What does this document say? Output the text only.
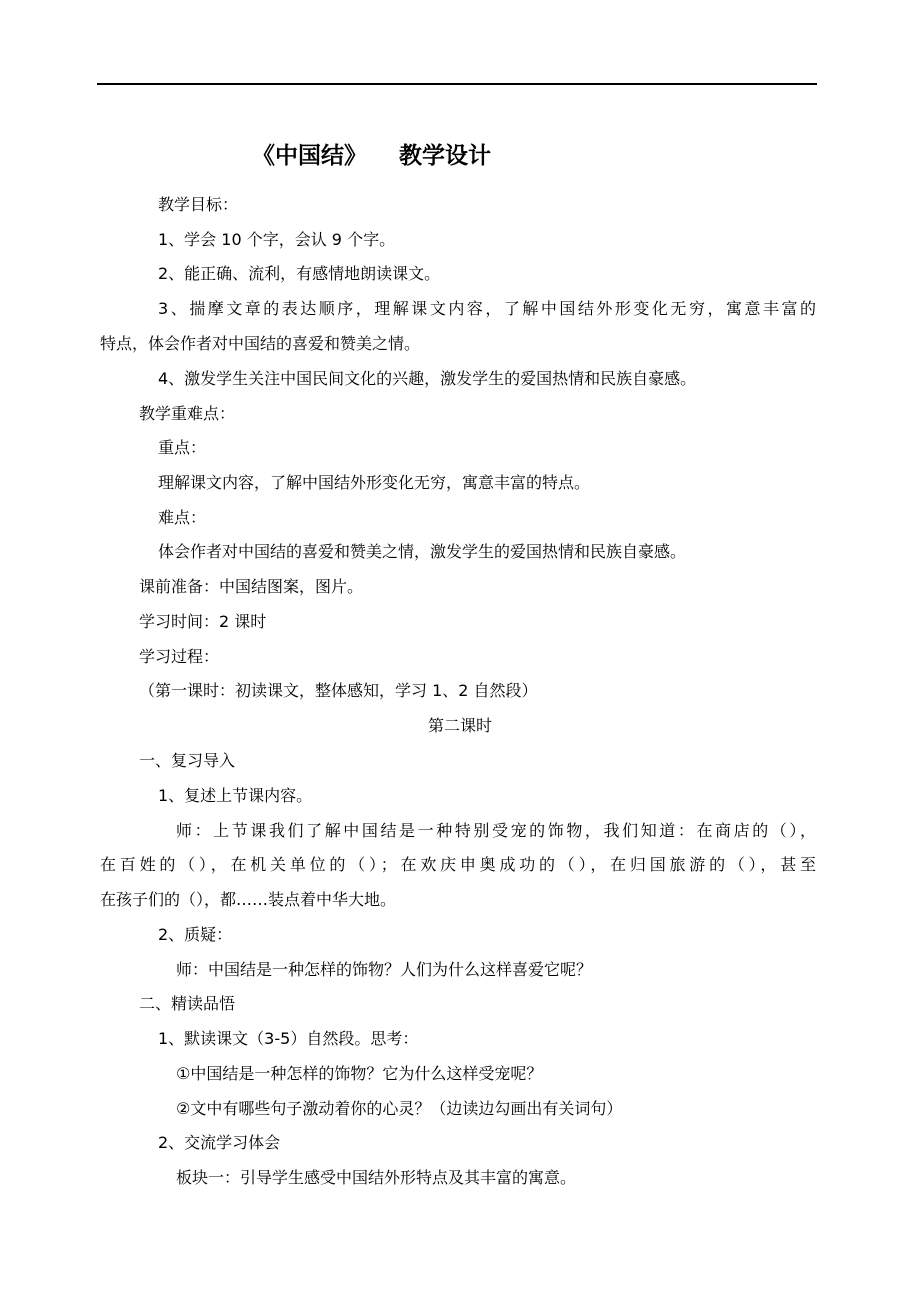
《中国结》    教学设计
教学目标：
1、学会 10 个字，会认 9 个字。
2、能正确、流利，有感情地朗读课文。
3、揣摩文章的表达顺序，理解课文内容，了解中国结外形变化无穷，寓意丰富的
特点，体会作者对中国结的喜爱和赞美之情。
4、激发学生关注中国民间文化的兴趣，激发学生的爱国热情和民族自豪感。
教学重难点：
重点：
理解课文内容，了解中国结外形变化无穷，寓意丰富的特点。
难点：
体会作者对中国结的喜爱和赞美之情，激发学生的爱国热情和民族自豪感。
课前准备：中国结图案，图片。
学习时间：2 课时
学习过程：
（第一课时：初读课文，整体感知，学习 1、2 自然段）
第二课时
一、复习导入
1、复述上节课内容。
师：上节课我们了解中国结是一种特别受宠的饰物，我们知道：在商店的（），
在百姓的（），在机关单位的（）；在欢庆申奥成功的（），在归国旅游的（），甚至
在孩子们的（），都……装点着中华大地。
2、质疑：
师：中国结是一种怎样的饰物？人们为什么这样喜爱它呢？
二、精读品悟
1、默读课文（3-5）自然段。思考：
①中国结是一种怎样的饰物？它为什么这样受宠呢？
②文中有哪些句子激动着你的心灵？（边读边勾画出有关词句）
2、交流学习体会
板块一：引导学生感受中国结外形特点及其丰富的寓意。
